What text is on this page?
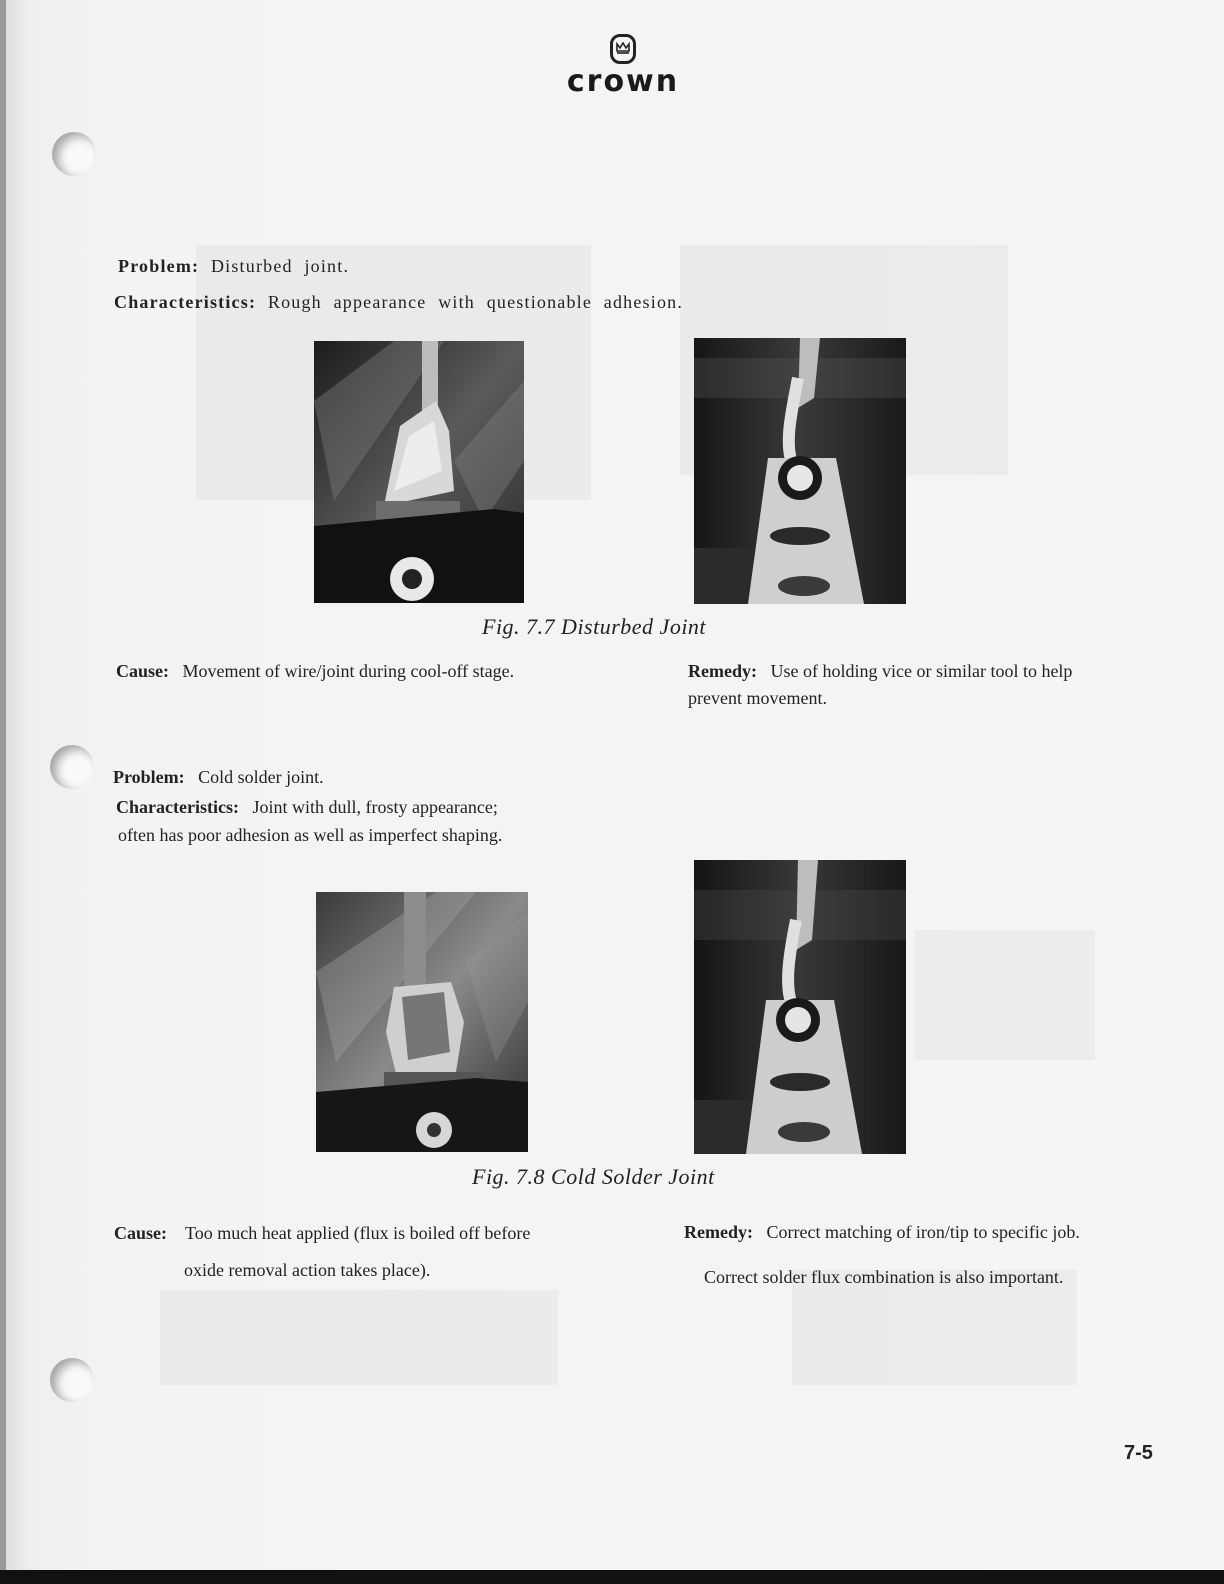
crown
Problem: Disturbed joint.
Characteristics: Rough appearance with questionable adhesion.
Fig. 7.7 Disturbed Joint
Cause: Movement of wire/joint during cool-off stage.	Remedy: Use of holding vice or similar tool to help
prevent movement.
Problem: Cold solder joint.
Characteristics: Joint with dull, frosty appearance;
often has poor adhesion as well as imperfect shaping.
Fig. 7.8 Cold Solder Joint
Cause: Too much heat applied (flux is boiled off before
oxide removal action takes place).
Remedy: Correct matching of iron/tip to specific job.
Correct solder flux combination is also important.
7-5
